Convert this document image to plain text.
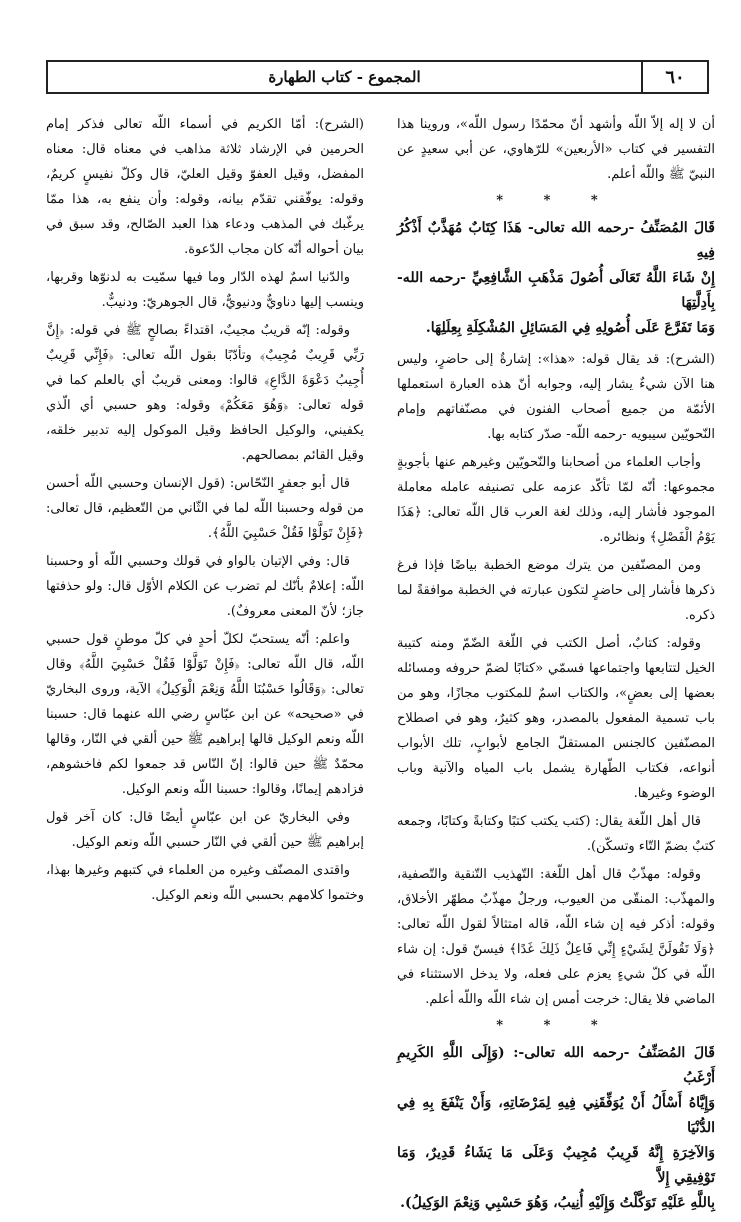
المجموع - كتاب الطهارة	٦٠

أن لا إله إلاّ اللّه وأشهد أنّ محمّدًا رسول اللّه»، وروينا هذا التفسير في كتاب «الأربعين» للرّهاوي، عن أبي سعيدٍ عن النبيّ ﷺ واللّه أعلم.

* * *
قَالَ المُصَنِّفُ -رحمه الله تعالى- هَذَا كِتَابٌ مُهَذَّبٌ أَذْكُرُ فِيهِ
إِنْ شَاءَ اللَّهُ تَعَالَى أُصُولَ مَذْهَبِ الشَّافِعِيِّ -رحمه الله- بِأَدِلَّتِهَا
وَمَا تَفَرَّعَ عَلَى أُصُولِهِ فِي المَسَائِلِ المُشْكِلَةِ بِعِلَلِهَا.

(الشرح): قد يقال قوله: «هذا»: إشارةٌ إلى حاضرٍ، وليس هنا الآن شيءٌ يشار إليه، وجوابه أنّ هذه العبارة استعملها الأئمّة من جميع أصحاب الفنون في مصنّفاتهم وإمام النّحويّين سيبويه -رحمه اللّه- صدّر كتابه بها.

وأجاب العلماء من أصحابنا والنّحويّين وغيرهم عنها بأجوبةٍ مجموعها: أنّه لمّا تأكّد عزمه على تصنيفه عامله معاملة الموجود فأشار إليه، وذلك لغة العرب قال اللّه تعالى: ﴿هَذَا يَوْمُ الْفَصْلِ﴾ ونظائره.

ومن المصنّفين من يترك موضع الخطبة بياضًا فإذا فرغ ذكرها فأشار إلى حاضرٍ لتكون عبارته في الخطبة موافقةً لما ذكره.

وقوله: كتابٌ، أصل الكتب في اللّغة الضّمّ ومنه كتيبة الخيل لتتابعها واجتماعها فسمّي «كتابًا لضمّ حروفه ومسائله بعضها إلى بعضٍ»، والكتاب اسمٌ للمكتوب مجازًا، وهو من باب تسمية المفعول بالمصدر، وهو كثيرٌ، وهو في اصطلاح المصنّفين كالجنس المستقلّ الجامع لأبوابٍ، تلك الأبواب أنواعه، فكتاب الطّهارة يشمل باب المياه والآنية وباب الوضوء وغيرها.

قال أهل اللّغة يقال: (كتب يكتب كتبًا وكتابةً وكتابًا، وجمعه كتبٌ بضمّ التّاء وتسكّن).

وقوله: مهذّبٌ قال أهل اللّغة: التّهذيب التّنقية والتّصفية، والمهذّب: المنقّى من العيوب، ورجلٌ مهذّبٌ مطهّر الأخلاق، وقوله: أذكر فيه إن شاء اللّه، قاله امتثالاً لقول اللّه تعالى: ﴿وَلَا تَقُولَنَّ لِشَيْءٍ إِنِّي فَاعِلٌ ذَلِكَ غَدًا﴾ فيسنّ قول: إن شاء اللّه في كلّ شيءٍ يعزم على فعله، ولا يدخل الاستثناء في الماضي فلا يقال: خرجت أمس إن شاء اللّه واللّه أعلم.

* * *
قَالَ المُصَنِّفُ -رحمه الله تعالى-: (وَإِلَى اللَّهِ الكَرِيمِ أَرْغَبُ
وَإِيَّاهُ أَسْأَلُ أَنْ يُوَفِّقَنِي فِيهِ لِمَرْضَاتِهِ، وَأَنْ يَنْفَعَ بِهِ فِي الدُّنْيَا
وَالآخِرَةِ إِنَّهُ قَرِيبٌ مُجِيبٌ وَعَلَى مَا يَشَاءُ قَدِيرٌ، وَمَا تَوْفِيقِي إِلاَّ
بِاللَّهِ عَلَيْهِ تَوَكَّلْتُ وَإِلَيْهِ أُنِيبُ، وَهُوَ حَسْبِي وَنِعْمَ الوَكِيلُ).

(الشرح): أمّا الكريم في أسماء اللّه تعالى فذكر إمام الحرمين في الإرشاد ثلاثة مذاهب في معناه قال: معناه المفضل، وقيل العفوّ وقيل العليّ، قال وكلّ نفيسٍ كريمٌ، وقوله: يوفّقني تقدّم بيانه، وقوله: وأن ينفع به، هذا ممّا يرغّبك في المذهب ودعاء هذا العبد الصّالح، وقد سبق في بيان أحواله أنّه كان مجاب الدّعوة.

والدّنيا اسمٌ لهذه الدّار وما فيها سمّيت به لدنوّها وقربها، وينسب إليها دناويٌّ ودنيويٌّ، قال الجوهريّ: ودنيبٌّ.

وقوله: إنّه قريبٌ مجيبٌ، اقتداءً بصالحٍ ﷺ في قوله: ﴿إِنَّ رَبِّي قَرِيبٌ مُجِيبٌ﴾ وتأدّبًا بقول اللّه تعالى: ﴿فَإِنِّي قَرِيبٌ أُجِيبُ دَعْوَةَ الدَّاعِ﴾ قالوا: ومعنى قريبٌ أي بالعلم كما في قوله تعالى: ﴿وَهُوَ مَعَكُمْ﴾ وقوله: وهو حسبي أي الّذي يكفيني، والوكيل الحافظ وقيل الموكول إليه تدبير خلقه، وقيل القائم بمصالحهم.

قال أبو جعفرٍ النّحّاس: (قول الإنسان وحسبي اللّه أحسن من قوله وحسبنا اللّه لما في الثّاني من التّعظيم، قال تعالى: ﴿فَإِنْ تَوَلَّوْا فَقُلْ حَسْبِيَ اللَّهُ﴾.

قال: وفي الإتيان بالواو في قولك وحسبي اللّه أو وحسبنا اللّه: إعلامٌ بأنّك لم تضرب عن الكلام الأوّل قال: ولو حذفتها جاز؛ لأنّ المعنى معروفٌ).

واعلم: أنّه يستحبّ لكلّ أحدٍ في كلّ موطنٍ قول حسبي اللّه، قال اللّه تعالى: ﴿فَإِنْ تَوَلَّوْا فَقُلْ حَسْبِيَ اللَّهُ﴾ وقال تعالى: ﴿وَقَالُوا حَسْبُنَا اللَّهُ وَنِعْمَ الْوَكِيلُ﴾ الآية، وروى البخاريّ في «صحيحه» عن ابن عبّاسٍ رضي الله عنهما قال: حسبنا اللّه ونعم الوكيل قالها إبراهيم ﷺ حين ألقي في النّار، وقالها محمّدٌ ﷺ حين قالوا: إنّ النّاس قد جمعوا لكم فاخشوهم، فزادهم إيمانًا، وقالوا: حسبنا اللّه ونعم الوكيل.

وفي البخاريّ عن ابن عبّاسٍ أيضًا قال: كان آخر قول إبراهيم ﷺ حين ألقي في النّار حسبي اللّه ونعم الوكيل.

واقتدى المصنّف وغيره من العلماء في كتبهم وغيرها بهذا، وختموا كلامهم بحسبي اللّه ونعم الوكيل.
